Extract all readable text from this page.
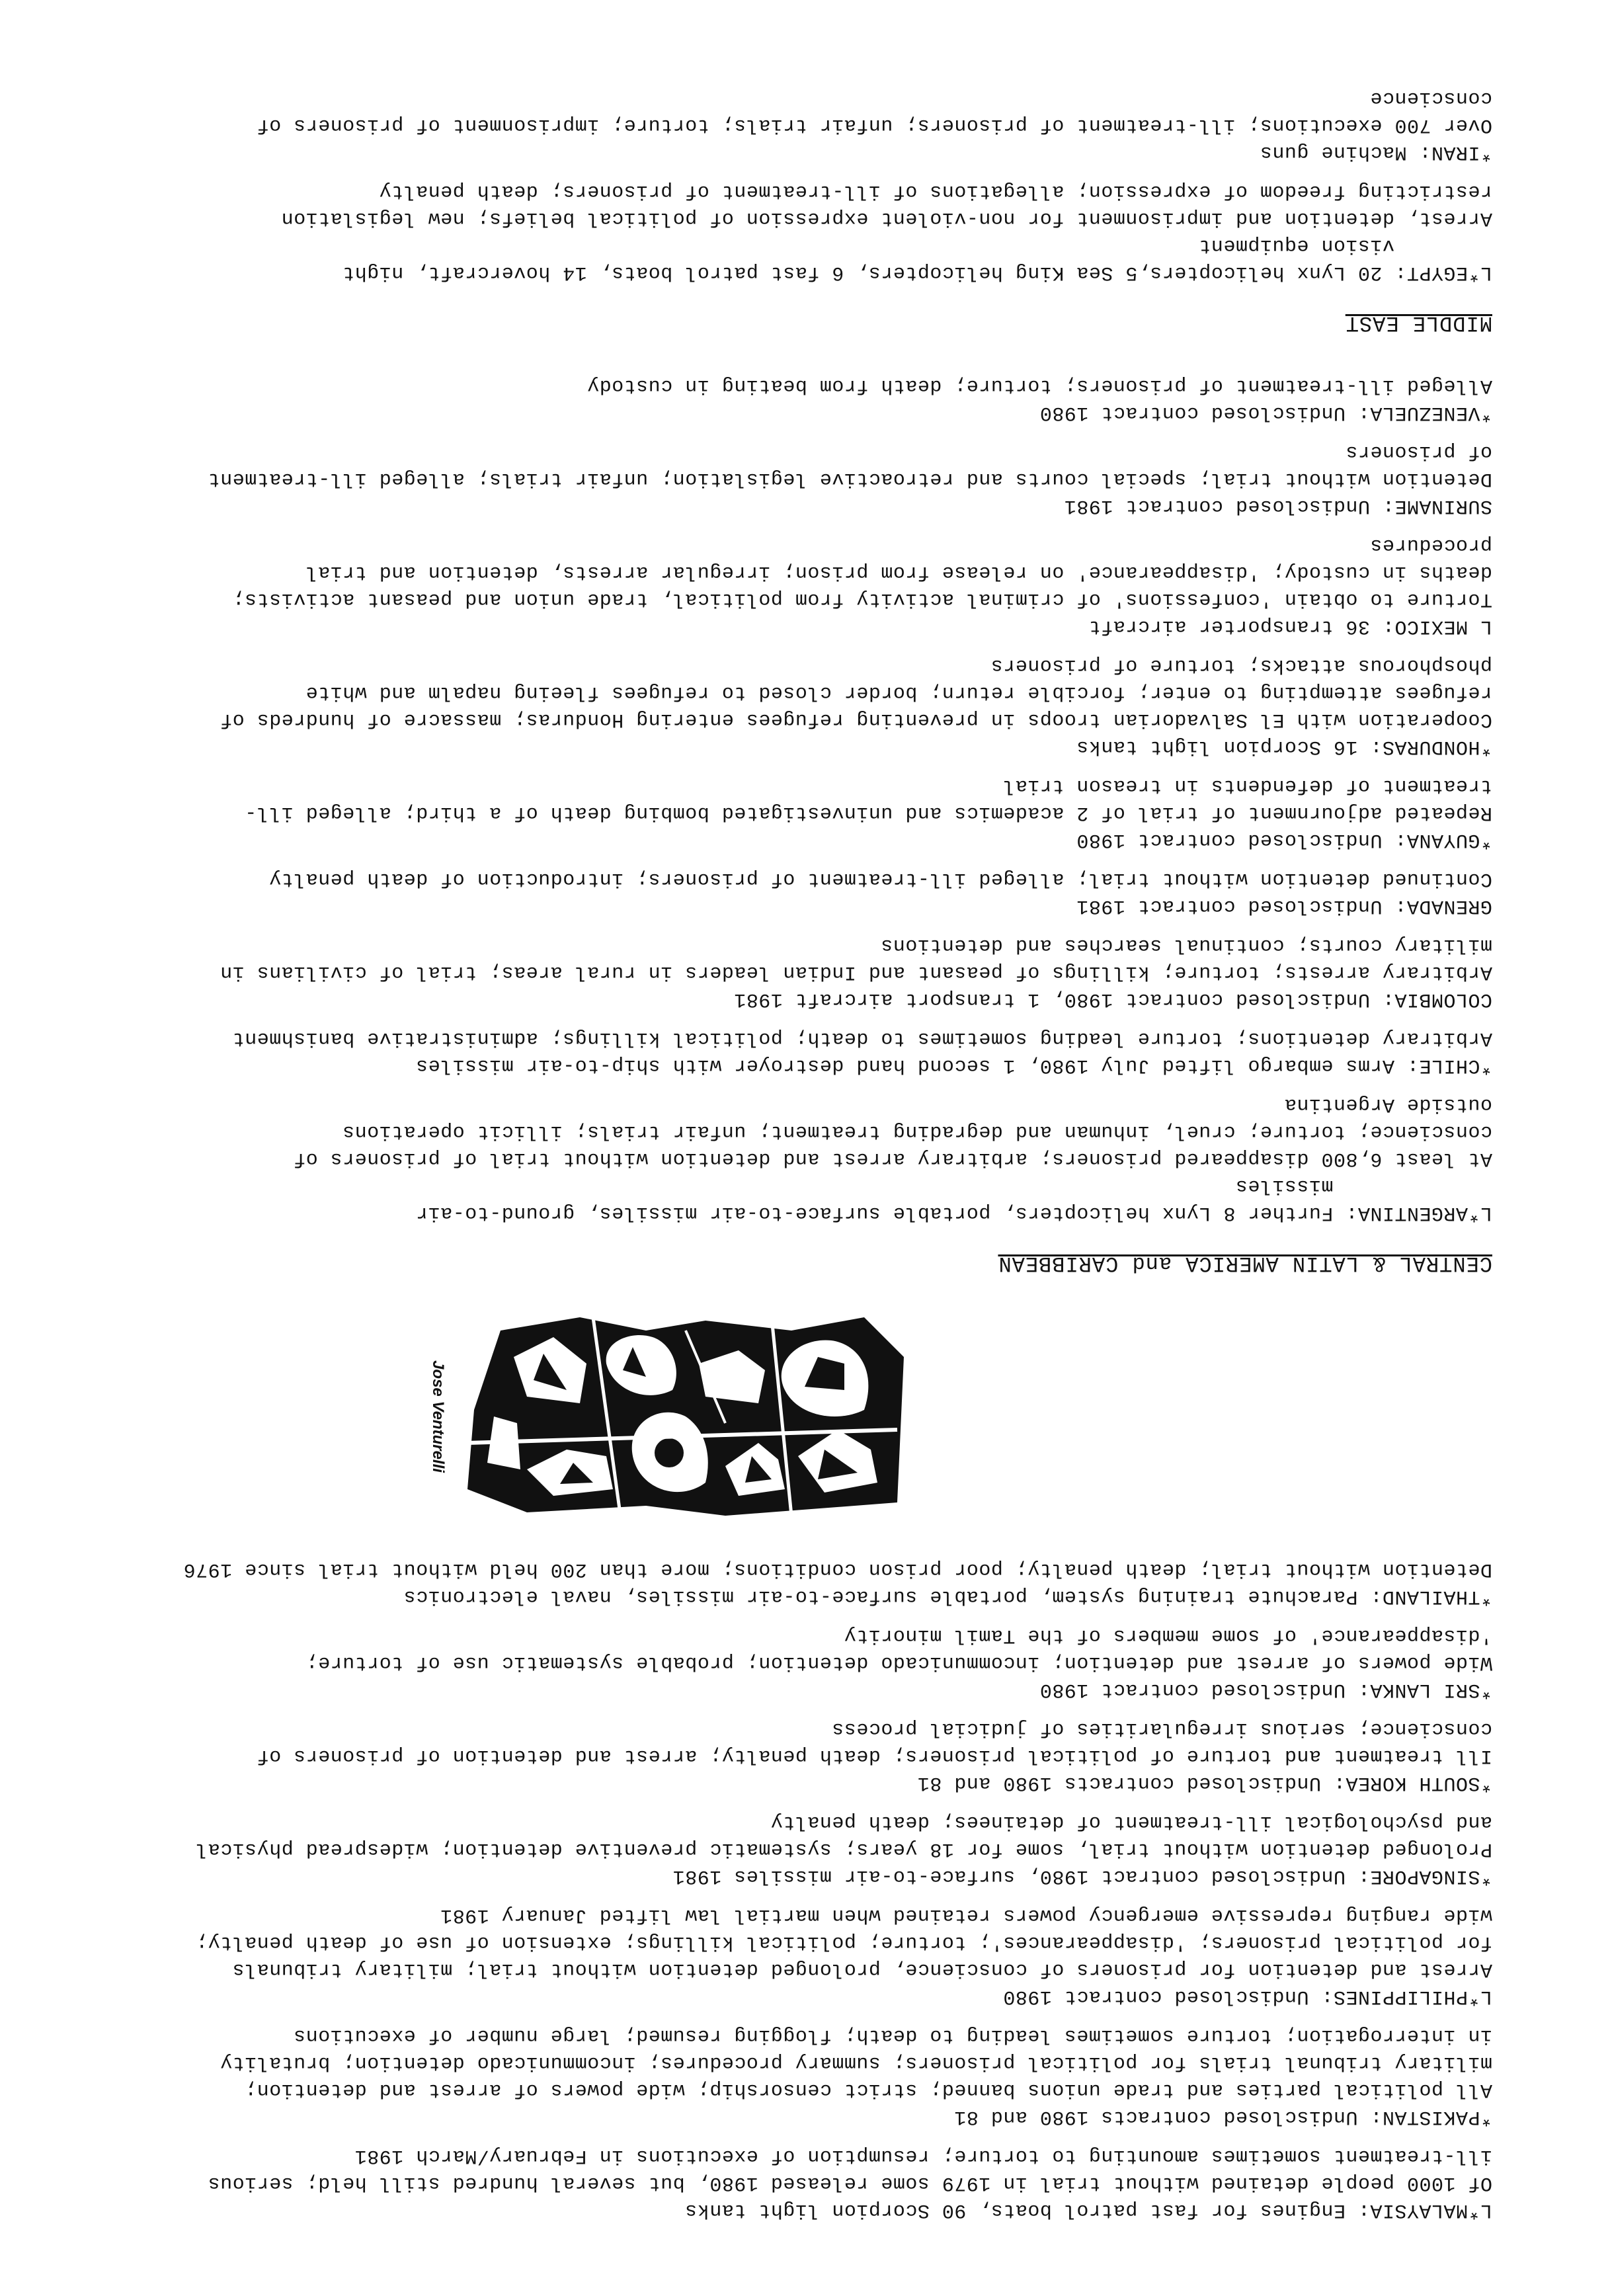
L*MALAYSIA: Engines for fast patrol boats, 90 Scorpion light tanks
Of 1000 people detained without trial in 1979 some released 1980, but several hundred still held; serious
ill-treatment sometimes amounting to torture; resumption of executions in February/March 1981
*PAKISTAN: Undisclosed contracts 1980 and 81
All political parties and trade unions banned; strict censorship; wide powers of arrest and detention;
military tribunal trials for political prisoners; summary procedures; incommunicado detention; brutality
in interrogation; torture sometimes leading to death; flogging resumed; large number of executions
L*PHILIPPINES: Undisclosed contract 1980
Arrest and detention for prisoners of conscience, prolonged detention without trial; military tribunals
for political prisoners; 'disappearances'; torture; political killings; extension of use of death penalty;
wide ranging repressive emergency powers retained when martial law lifted January 1981
*SINGAPORE: Undisclosed contract 1980, surface-to-air missiles 1981
Prolonged detention without trial, some for 18 years; systematic preventive detention; widespread physical
and psychological ill-treatment of detainees; death penalty
*SOUTH KOREA: Undisclosed contracts 1980 and 81
Ill treatment and torture of political prisoners; death penalty; arrest and detention of prisoners of
conscience; serious irregularities of judicial process
*SRI LANKA: Undisclosed contract 1980
Wide powers of arrest and detention; incommunicado detention; probable systematic use of torture;
'disappearance' of some members of the Tamil minority
*THAILAND: Parachute training system, portable surface-to-air missiles, naval electronics
Detention without trial; death penalty; poor prison conditions; more than 200 held without trial since 1976
Jose Venturelli
CENTRAL & LATIN AMERICA and CARIBBEAN
L*ARGENTINA: Further 8 Lynx helicopters, portable surface-to-air missiles, ground-to-air
missiles
At least 6,800 disappeared prisoners; arbitrary arrest and detention without trial of prisoners of
conscience; torture; cruel, inhuman and degrading treatment; unfair trials; illicit operations
outside Argentina
*CHILE: Arms embargo lifted July 1980, 1 second hand destroyer with ship-to-air missiles
Arbitrary detentions; torture leading sometimes to death; political killings; administrative banishment
COLOMBIA: Undisclosed contract 1980, 1 transport aircraft 1981
Arbitrary arrests; torture; killings of peasant and Indian leaders in rural areas; trial of civilians in
military courts; continual searches and detentions
GRENADA: Undisclosed contract 1981
Continued detention without trial; alleged ill-treatment of prisoners; introduction of death penalty
*GUYANA: Undisclosed contract 1980
Repeated adjournment of trial of 2 academics and uninvestigated bombing death of a third; alleged ill-
treatment of defendents in treason trial
*HONDURAS: 16 Scorpion light tanks
Cooperation with El Salvadorian troops in preventing refugees entering Honduras; massacre of hundreds of
refugees attempting to enter; forcible return; border closed to refugees fleeing napalm and white
phosphorous attacks; torture of prisoners
L MEXICO: 36 transporter aircraft
Torture to obtain 'confessions' of criminal activity from political, trade union and peasant activists;
deaths in custody; 'disappearance' on release from prison; irregular arrests, detention and trial
procedures
SURINAME: Undisclosed contract 1981
Detention without trial; special courts and retroactive legislation; unfair trials; alleged ill-treatment
of prisoners
*VENEZUELA: Undisclosed contract 1980
Alleged ill-treatment of prisoners; torture; death from beating in custody
MIDDLE EAST
L*EGYPT: 20 Lynx helicopters,5 Sea King helicopters, 6 fast patrol boats, 14 hovercraft, night
vision equipment
Arrest, detention and imprisonment for non-violent expression of political beliefs; new legislation
restricting freedom of expression; allegations of ill-treatment of prisoners; death penalty
*IRAN: Machine guns
Over 700 executions; ill-treatment of prisoners; unfair trials; torture; imprisonment of prisoners of
conscience
